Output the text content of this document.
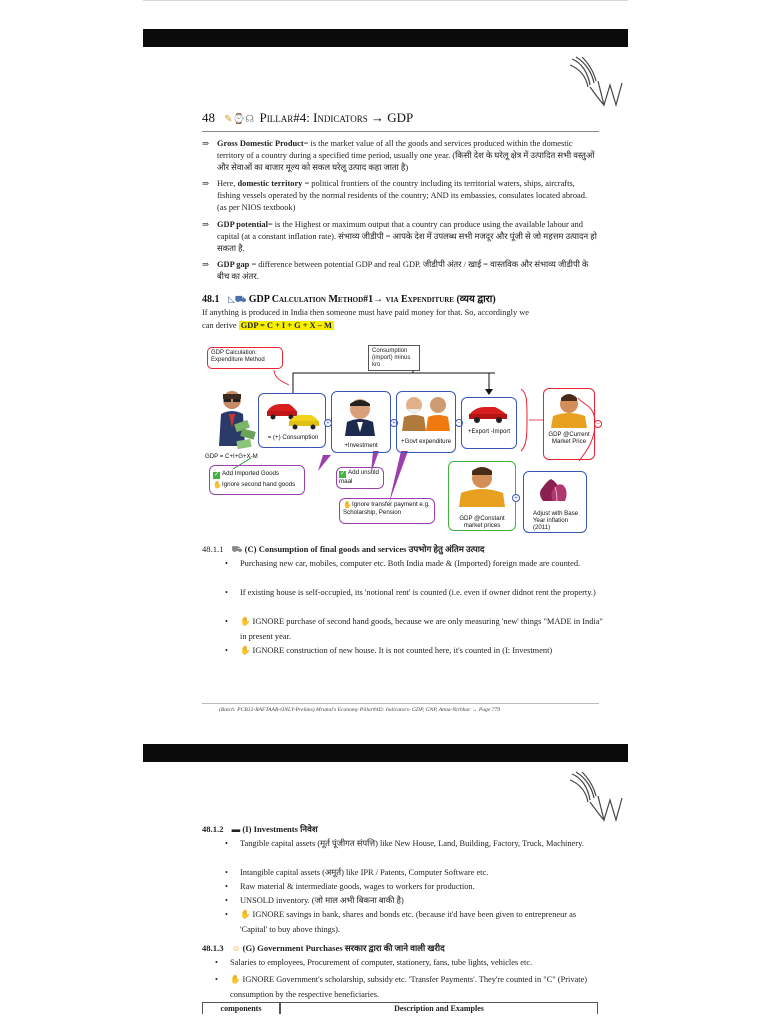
48 ✎⌚☊ Pillar#4: Indicators → GDP
⇒ Gross Domestic Product= is the market value of all the goods and services produced within the domestic territory of a country during a specified time period, usually one year. (किसी देश के घरेलू क्षेत्र में उत्पादित सभी वस्तुओं और सेवाओं का बाजार मूल्य को सकल घरेलू उत्पाद कहा जाता है)
⇒ Here, domestic territory = political frontiers of the country including its territorial waters, ships, aircrafts, fishing vessels operated by the normal residents of the country; AND its embassies, consulates located abroad. (as per NIOS textbook)
⇒ GDP potential= is the Highest or maximum output that a country can produce using the available labour and capital (at a constant inflation rate). संभाव्य जीडीपी = आपके देश में उपलब्ध सभी मजदूर और पूंजी से जो महत्तम उत्पादन हो सकता है.
⇒ GDP gap = difference between potential GDP and real GDP. जीडीपी अंतर / खाई = वास्तविक और संभाव्य जीडीपी के बीच का अंतर.
48.1 ◺⛟ GDP Calculation Method#1→ via Expenditure (व्यय द्वारा)
If anything is produced in India then someone must have paid money for that. So, accordingly we
can derive GDP = C + I + G + X – M
GDP Calculation: Expenditure Method
Consumption (import) minus kro
GDP = C+I+G+X-M
= (+) Consumption
+
+Investment
+
+Govt expenditure
−
+Export -Import	GDP @Current Market Price
−
GDP @Constant market prices
+
Adjust with Base Year inflation (2011)
✓ Add Imported Goods
✋Ignore second hand goods
✓ Add unsold maal
✋Ignore transfer payment e.g. Scholarship, Pension
48.1.1 ⛟ (C) Consumption of final goods and services उपभोग हेतु अंतिम उत्पाद
• Purchasing new car, mobiles, computer etc. Both India made & (Imported) foreign made are counted.
• If existing house is self-occupied, its 'notional rent' is counted (i.e. even if owner didnot rent the property.)
• ✋ IGNORE purchase of second hand goods, because we are only measuring 'new' things "MADE in India" in present year.
• ✋ IGNORE construction of new house. It is not counted here, it's counted in (I: Investment)
(Batch: PCB12-RAFTAAR-ONLY-Prelims) Mrunal's Economy Pillar#4D: Indicators- GDP, GNP, Atma-Nirbhar → Page 779
48.1.2 ▬ (I) Investments निवेश
• Tangible capital assets (मूर्त पूंजीगत संपत्ति) like New House, Land, Building, Factory, Truck, Machinery.
• Intangible capital assets (अमूर्त) like IPR / Patents, Computer Software etc.
• Raw material & intermediate goods, wages to workers for production.
• UNSOLD inventory. (जो माल अभी बिकना बाकी है)
• ✋ IGNORE savings in bank, shares and bonds etc. (because it'd have been given to entrepreneur as 'Capital' to buy above things).
48.1.3 ☺ (G) Government Purchases सरकार द्वारा की जाने वाली खरीद
• Salaries to employees, Procurement of computer, stationery, fans, tube lights, vehicles etc.
• ✋ IGNORE Government's scholarship, subsidy etc. 'Transfer Payments'. They're counted in "C" (Private) consumption by the respective beneficiaries.
components	Description and Examples
